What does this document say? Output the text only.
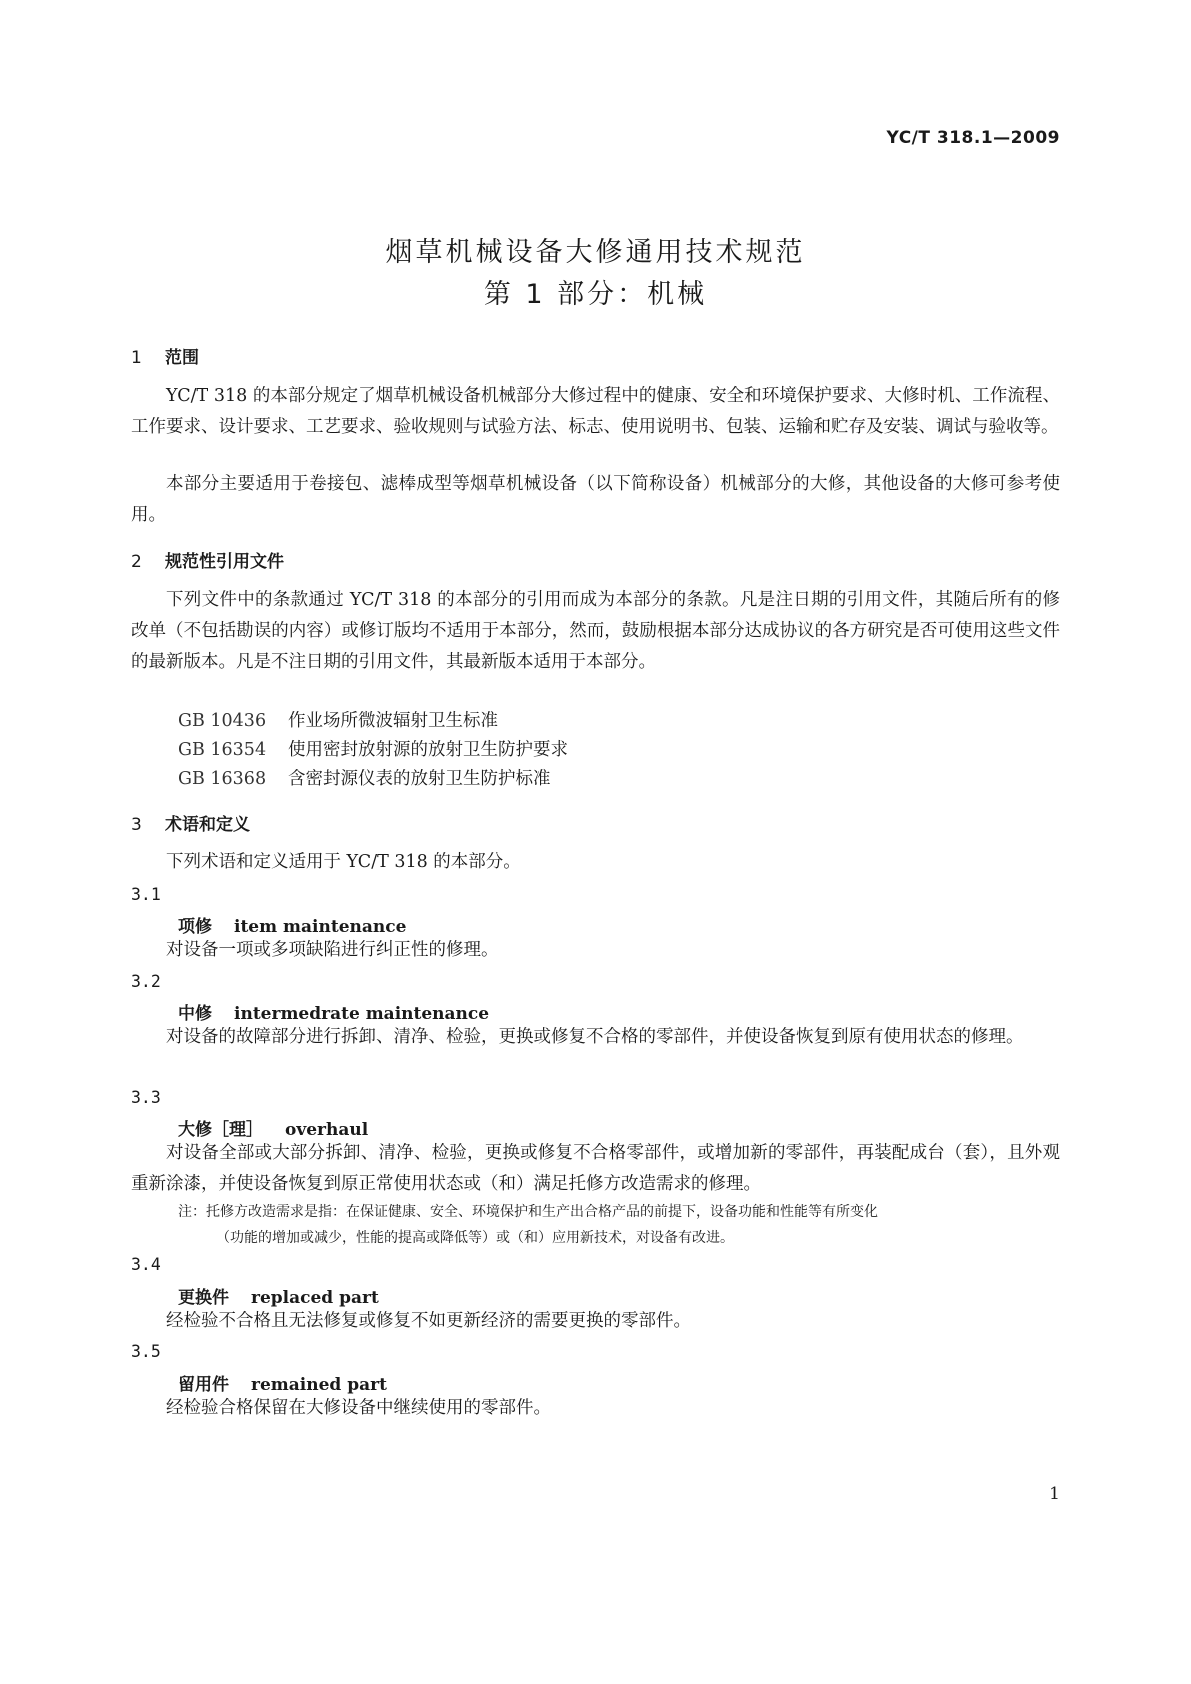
YC/T 318.1—2009
烟草机械设备大修通用技术规范
第 1 部分：机械
1 范围
YC/T 318 的本部分规定了烟草机械设备机械部分大修过程中的健康、安全和环境保护要求、大修时机、工作流程、工作要求、设计要求、工艺要求、验收规则与试验方法、标志、使用说明书、包装、运输和贮存及安装、调试与验收等。
本部分主要适用于卷接包、滤棒成型等烟草机械设备（以下简称设备）机械部分的大修，其他设备的大修可参考使用。
2 规范性引用文件
下列文件中的条款通过 YC/T 318 的本部分的引用而成为本部分的条款。凡是注日期的引用文件，其随后所有的修改单（不包括勘误的内容）或修订版均不适用于本部分，然而，鼓励根据本部分达成协议的各方研究是否可使用这些文件的最新版本。凡是不注日期的引用文件，其最新版本适用于本部分。
GB 10436 作业场所微波辐射卫生标准
GB 16354 使用密封放射源的放射卫生防护要求
GB 16368 含密封源仪表的放射卫生防护标准
3 术语和定义
下列术语和定义适用于 YC/T 318 的本部分。
3.1
项修 item maintenance
对设备一项或多项缺陷进行纠正性的修理。
3.2
中修 intermedrate maintenance
对设备的故障部分进行拆卸、清净、检验，更换或修复不合格的零部件，并使设备恢复到原有使用状态的修理。
3.3
大修［理］ overhaul
对设备全部或大部分拆卸、清净、检验，更换或修复不合格零部件，或增加新的零部件，再装配成台（套），且外观重新涂漆，并使设备恢复到原正常使用状态或（和）满足托修方改造需求的修理。
注：托修方改造需求是指：在保证健康、安全、环境保护和生产出合格产品的前提下，设备功能和性能等有所变化
（功能的增加或减少，性能的提高或降低等）或（和）应用新技术，对设备有改进。
3.4
更换件 replaced part
经检验不合格且无法修复或修复不如更新经济的需要更换的零部件。
3.5
留用件 remained part
经检验合格保留在大修设备中继续使用的零部件。
1
